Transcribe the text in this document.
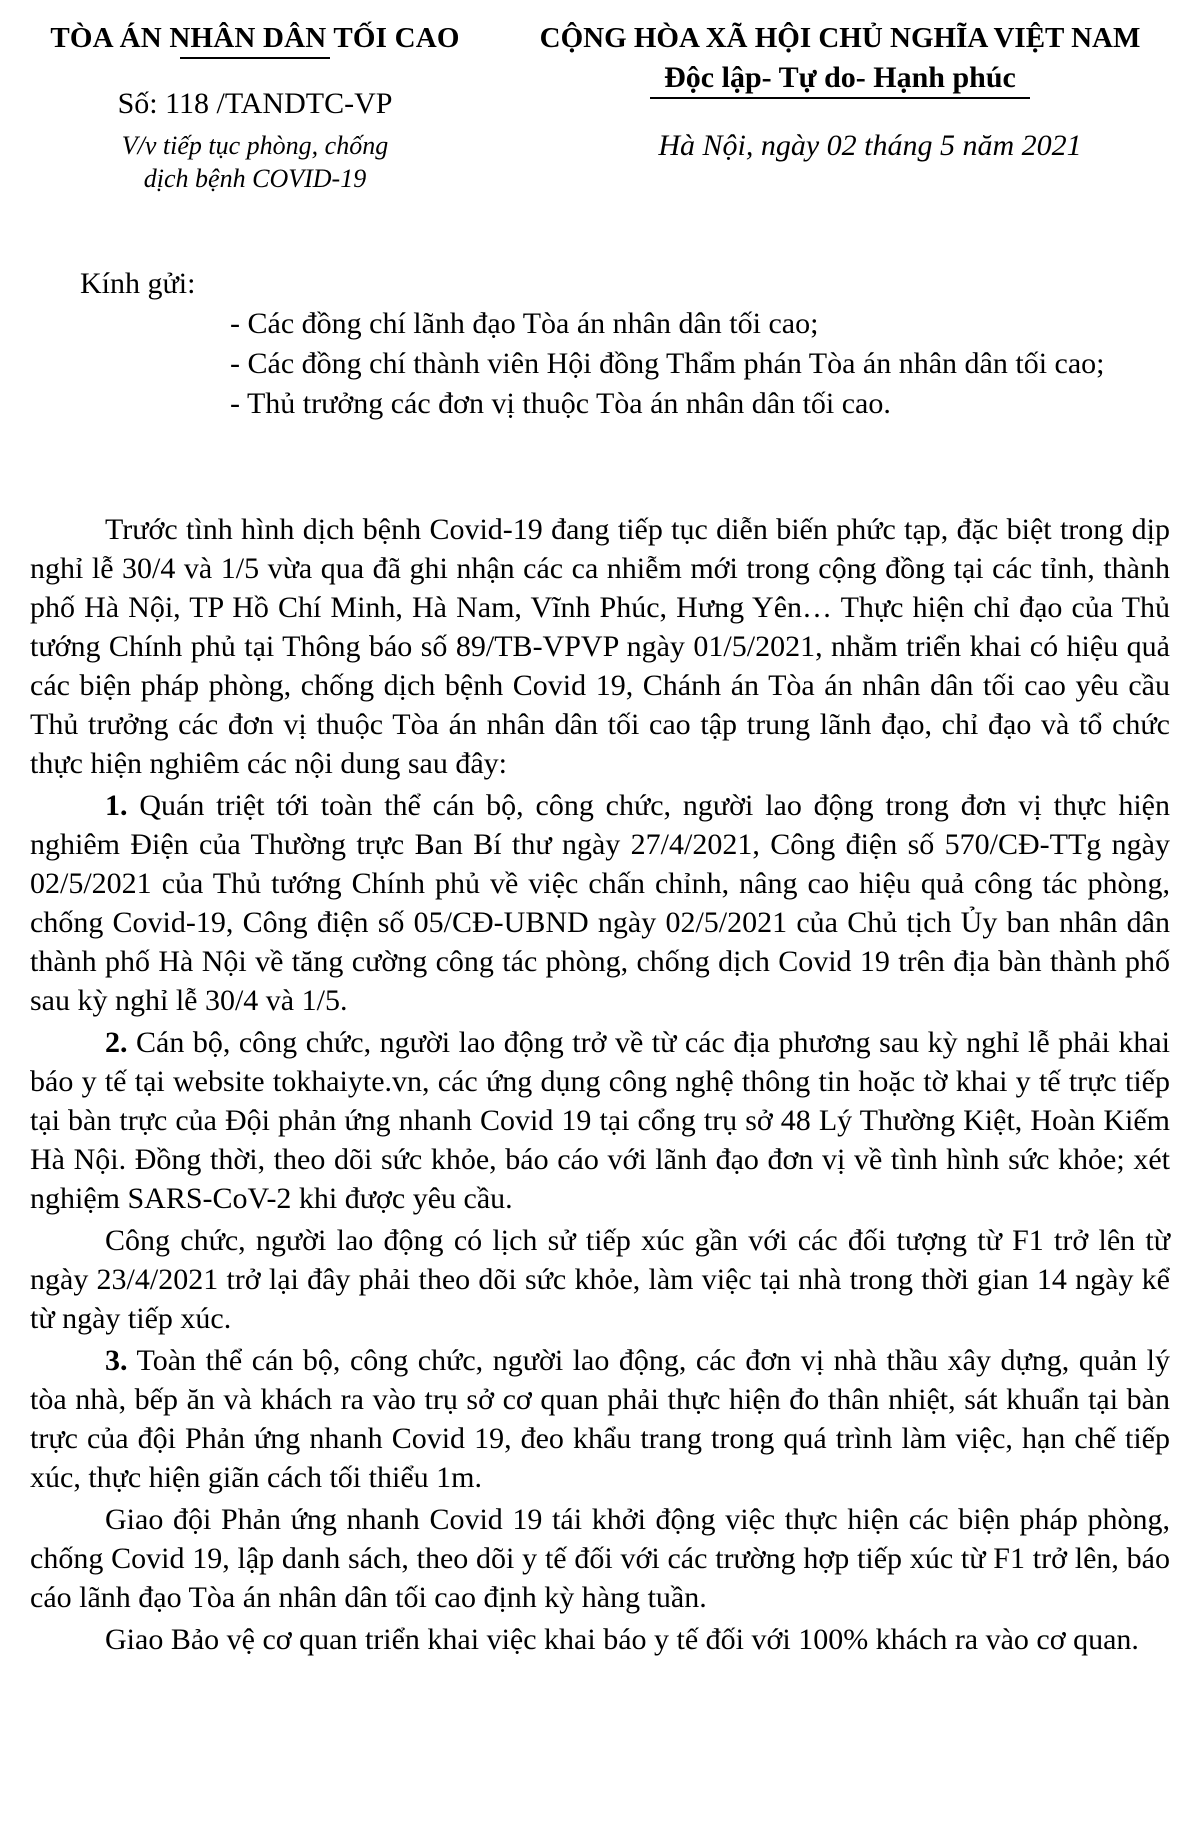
TÒA ÁN NHÂN DÂN TỐI CAO
Số: 118 /TANDTC-VP
V/v tiếp tục phòng, chống
dịch bệnh COVID-19
CỘNG HÒA XÃ HỘI CHỦ NGHĨA VIỆT NAM
Độc lập- Tự do- Hạnh phúc
Hà Nội, ngày 02 tháng 5 năm 2021
Kính gửi:
- Các đồng chí lãnh đạo Tòa án nhân dân tối cao;
- Các đồng chí thành viên Hội đồng Thẩm phán Tòa án nhân dân tối cao;
- Thủ trưởng các đơn vị thuộc Tòa án nhân dân tối cao.

Trước tình hình dịch bệnh Covid-19 đang tiếp tục diễn biến phức tạp, đặc biệt trong dịp nghỉ lễ 30/4 và 1/5 vừa qua đã ghi nhận các ca nhiễm mới trong cộng đồng tại các tỉnh, thành phố Hà Nội, TP Hồ Chí Minh, Hà Nam, Vĩnh Phúc, Hưng Yên… Thực hiện chỉ đạo của Thủ tướng Chính phủ tại Thông báo số 89/TB-VPVP ngày 01/5/2021, nhằm triển khai có hiệu quả các biện pháp phòng, chống dịch bệnh Covid 19, Chánh án Tòa án nhân dân tối cao yêu cầu Thủ trưởng các đơn vị thuộc Tòa án nhân dân tối cao tập trung lãnh đạo, chỉ đạo và tổ chức thực hiện nghiêm các nội dung sau đây:

1. Quán triệt tới toàn thể cán bộ, công chức, người lao động trong đơn vị thực hiện nghiêm Điện của Thường trực Ban Bí thư ngày 27/4/2021, Công điện số 570/CĐ-TTg ngày 02/5/2021 của Thủ tướng Chính phủ về việc chấn chỉnh, nâng cao hiệu quả công tác phòng, chống Covid-19, Công điện số 05/CĐ-UBND ngày 02/5/2021 của Chủ tịch Ủy ban nhân dân thành phố Hà Nội về tăng cường công tác phòng, chống dịch Covid 19 trên địa bàn thành phố sau kỳ nghỉ lễ 30/4 và 1/5.

2. Cán bộ, công chức, người lao động trở về từ các địa phương sau kỳ nghỉ lễ phải khai báo y tế tại website tokhaiyte.vn, các ứng dụng công nghệ thông tin hoặc tờ khai y tế trực tiếp tại bàn trực của Đội phản ứng nhanh Covid 19 tại cổng trụ sở 48 Lý Thường Kiệt, Hoàn Kiếm Hà Nội. Đồng thời, theo dõi sức khỏe, báo cáo với lãnh đạo đơn vị về tình hình sức khỏe; xét nghiệm SARS-CoV-2 khi được yêu cầu.

Công chức, người lao động có lịch sử tiếp xúc gần với các đối tượng từ F1 trở lên từ ngày 23/4/2021 trở lại đây phải theo dõi sức khỏe, làm việc tại nhà trong thời gian 14 ngày kể từ ngày tiếp xúc.

3. Toàn thể cán bộ, công chức, người lao động, các đơn vị nhà thầu xây dựng, quản lý tòa nhà, bếp ăn và khách ra vào trụ sở cơ quan phải thực hiện đo thân nhiệt, sát khuẩn tại bàn trực của đội Phản ứng nhanh Covid 19, đeo khẩu trang trong quá trình làm việc, hạn chế tiếp xúc, thực hiện giãn cách tối thiểu 1m.

Giao đội Phản ứng nhanh Covid 19 tái khởi động việc thực hiện các biện pháp phòng, chống Covid 19, lập danh sách, theo dõi y tế đối với các trường hợp tiếp xúc từ F1 trở lên, báo cáo lãnh đạo Tòa án nhân dân tối cao định kỳ hàng tuần.

Giao Bảo vệ cơ quan triển khai việc khai báo y tế đối với 100% khách ra vào cơ quan.
